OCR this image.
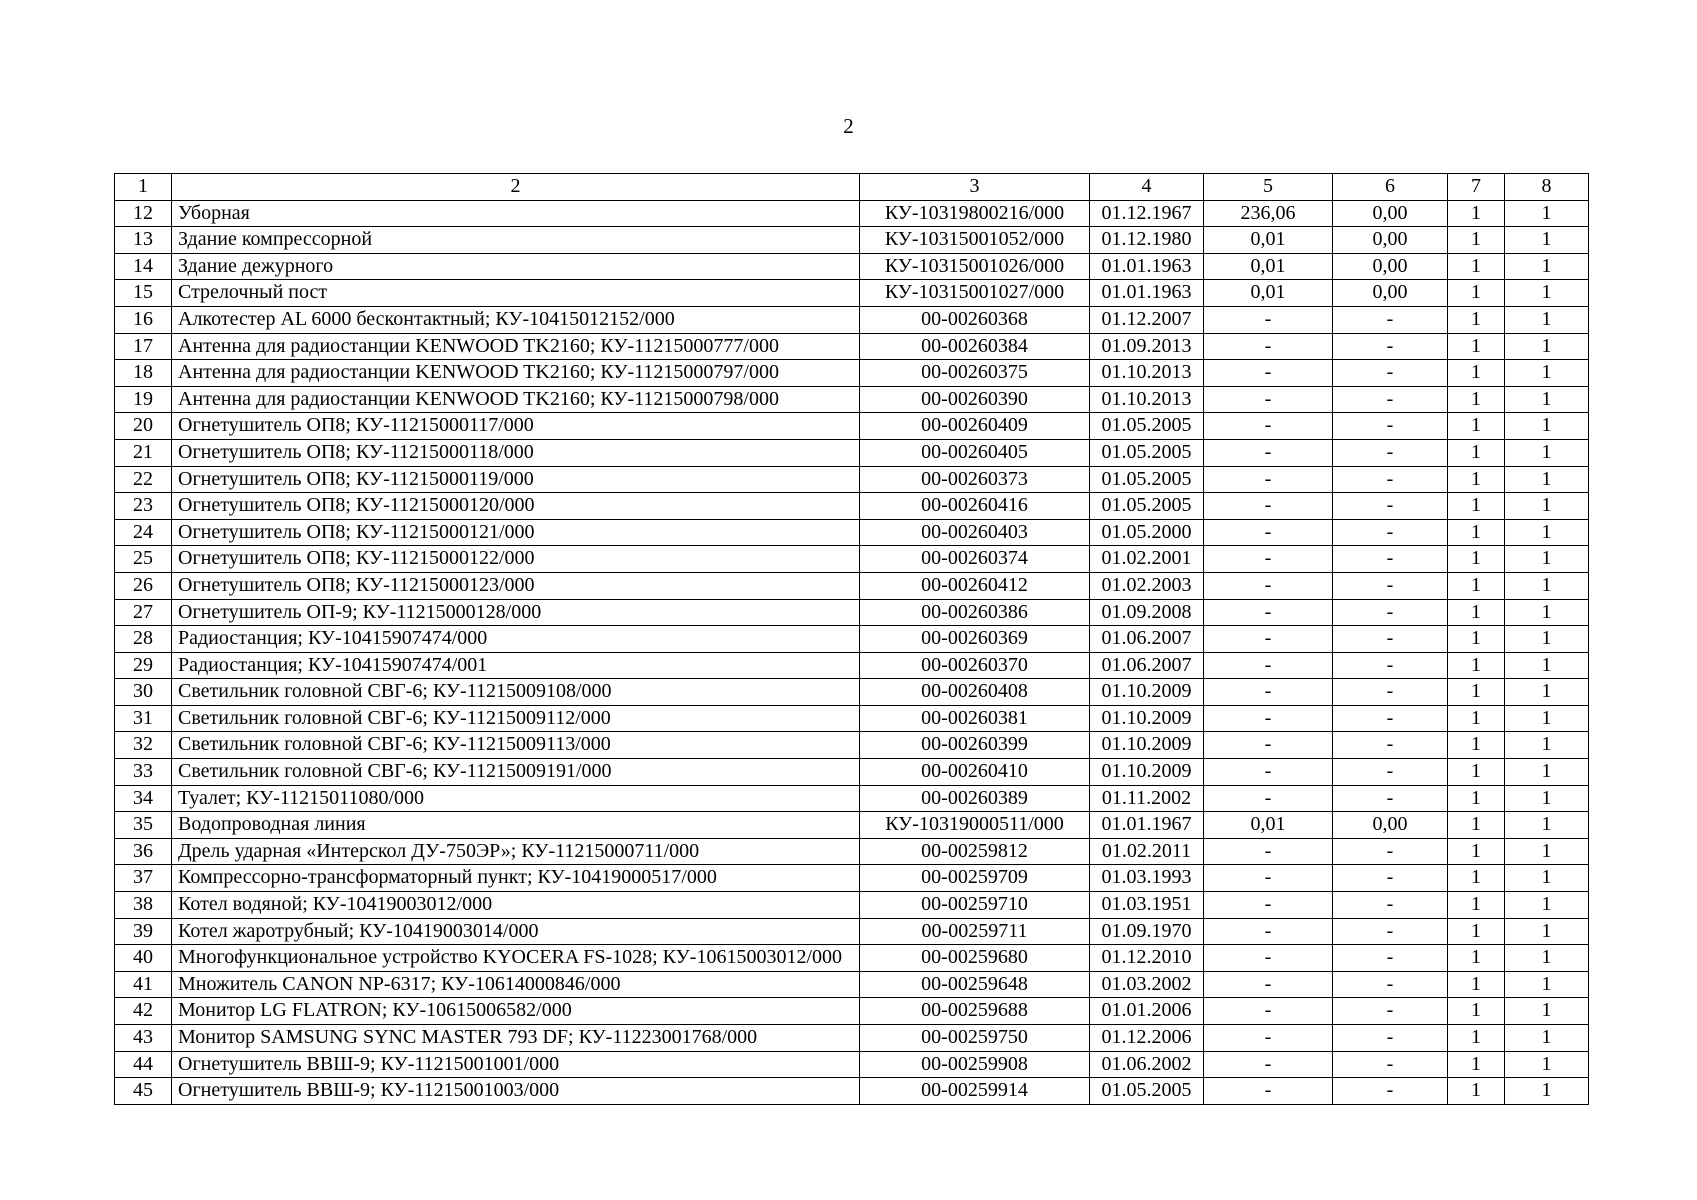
2
1	2	3	4	5	6	7	8
12	Уборная	КУ-10319800216/000	01.12.1967	236,06	0,00	1	1
13	Здание компрессорной	КУ-10315001052/000	01.12.1980	0,01	0,00	1	1
14	Здание дежурного	КУ-10315001026/000	01.01.1963	0,01	0,00	1	1
15	Стрелочный пост	КУ-10315001027/000	01.01.1963	0,01	0,00	1	1
16	Алкотестер AL 6000 бесконтактный; КУ-10415012152/000	00-00260368	01.12.2007	-	-	1	1
17	Антенна для радиостанции KENWOOD TK2160; КУ-11215000777/000	00-00260384	01.09.2013	-	-	1	1
18	Антенна для радиостанции KENWOOD TK2160; КУ-11215000797/000	00-00260375	01.10.2013	-	-	1	1
19	Антенна для радиостанции KENWOOD TK2160; КУ-11215000798/000	00-00260390	01.10.2013	-	-	1	1
20	Огнетушитель ОП8; КУ-11215000117/000	00-00260409	01.05.2005	-	-	1	1
21	Огнетушитель ОП8; КУ-11215000118/000	00-00260405	01.05.2005	-	-	1	1
22	Огнетушитель ОП8; КУ-11215000119/000	00-00260373	01.05.2005	-	-	1	1
23	Огнетушитель ОП8; КУ-11215000120/000	00-00260416	01.05.2005	-	-	1	1
24	Огнетушитель ОП8; КУ-11215000121/000	00-00260403	01.05.2000	-	-	1	1
25	Огнетушитель ОП8; КУ-11215000122/000	00-00260374	01.02.2001	-	-	1	1
26	Огнетушитель ОП8; КУ-11215000123/000	00-00260412	01.02.2003	-	-	1	1
27	Огнетушитель ОП-9; КУ-11215000128/000	00-00260386	01.09.2008	-	-	1	1
28	Радиостанция; КУ-10415907474/000	00-00260369	01.06.2007	-	-	1	1
29	Радиостанция; КУ-10415907474/001	00-00260370	01.06.2007	-	-	1	1
30	Светильник головной СВГ-6; КУ-11215009108/000	00-00260408	01.10.2009	-	-	1	1
31	Светильник головной СВГ-6; КУ-11215009112/000	00-00260381	01.10.2009	-	-	1	1
32	Светильник головной СВГ-6; КУ-11215009113/000	00-00260399	01.10.2009	-	-	1	1
33	Светильник головной СВГ-6; КУ-11215009191/000	00-00260410	01.10.2009	-	-	1	1
34	Туалет; КУ-11215011080/000	00-00260389	01.11.2002	-	-	1	1
35	Водопроводная линия	КУ-10319000511/000	01.01.1967	0,01	0,00	1	1
36	Дрель ударная «Интерскол ДУ-750ЭР»; КУ-11215000711/000	00-00259812	01.02.2011	-	-	1	1
37	Компрессорно-трансформаторный пункт; КУ-10419000517/000	00-00259709	01.03.1993	-	-	1	1
38	Котел водяной; КУ-10419003012/000	00-00259710	01.03.1951	-	-	1	1
39	Котел жаротрубный; КУ-10419003014/000	00-00259711	01.09.1970	-	-	1	1
40	Многофункциональное устройство KYOCERA FS-1028; КУ-10615003012/000	00-00259680	01.12.2010	-	-	1	1
41	Множитель CANON NP-6317; КУ-10614000846/000	00-00259648	01.03.2002	-	-	1	1
42	Монитор LG FLATRON; КУ-10615006582/000	00-00259688	01.01.2006	-	-	1	1
43	Монитор SAMSUNG SYNC MASTER 793 DF; КУ-11223001768/000	00-00259750	01.12.2006	-	-	1	1
44	Огнетушитель ВВШ-9; КУ-11215001001/000	00-00259908	01.06.2002	-	-	1	1
45	Огнетушитель ВВШ-9; КУ-11215001003/000	00-00259914	01.05.2005	-	-	1	1
